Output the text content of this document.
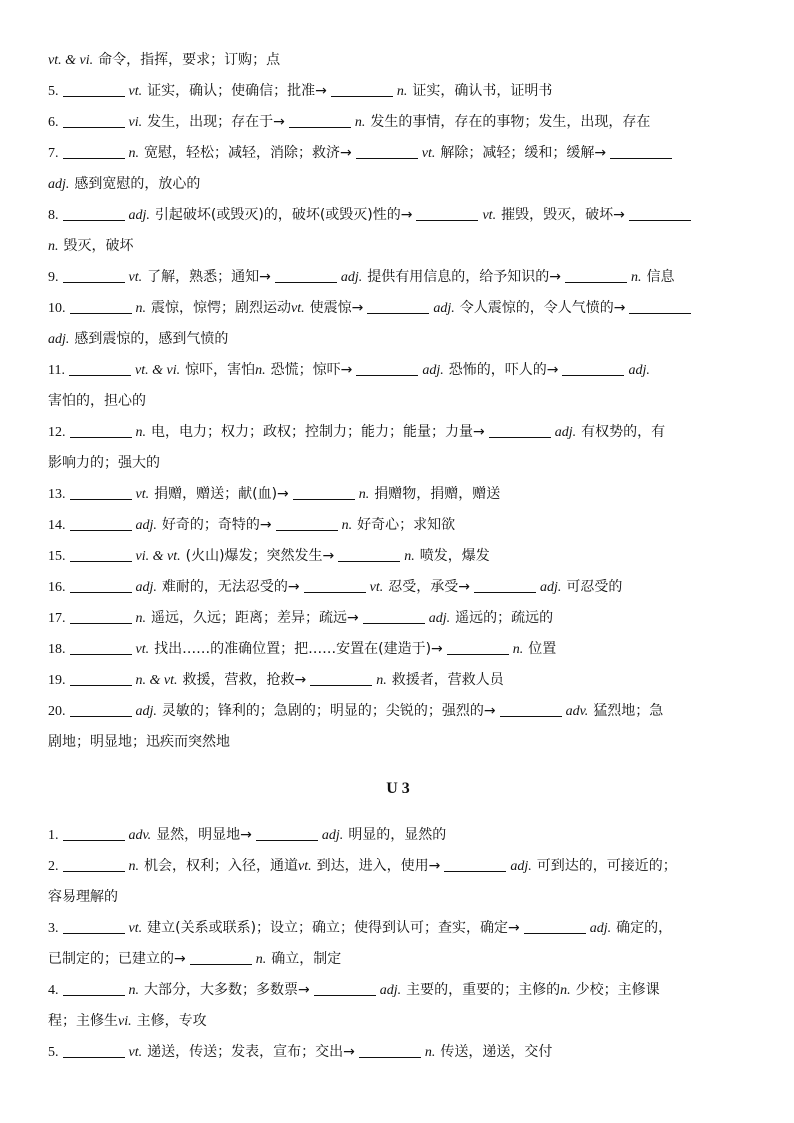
vt. & vi. 命令，指挥，要求；订购；点
5.	vt. 证实，确认；使确信；批准→	n. 证实，确认书，证明书
6.	vi. 发生，出现；存在于→	n. 发生的事情，存在的事物；发生，出现，存在
7.	n. 宽慰，轻松；减轻，消除；救济→	vt. 解除；减轻；缓和；缓解→
adj. 感到宽慰的，放心的
8.	adj. 引起破坏(或毁灭)的，破坏(或毁灭)性的→	vt. 摧毁，毁灭，破坏→
n. 毁灭，破坏
9.	vt. 了解，熟悉；通知→	adj. 提供有用信息的，给予知识的→	n. 信息
10.	n. 震惊，惊愕；剧烈运动vt. 使震惊→	adj. 令人震惊的，令人气愤的→
adj. 感到震惊的，感到气愤的
11.	vt. & vi. 惊吓，害怕n. 恐慌；惊吓→	adj. 恐怖的，吓人的→	adj.
害怕的，担心的
12.	n. 电，电力；权力；政权；控制力；能力；能量；力量→	adj. 有权势的，有
影响力的；强大的
13.	vt. 捐赠，赠送；献(血)→	n. 捐赠物，捐赠，赠送
14.	adj. 好奇的；奇特的→	n. 好奇心；求知欲
15.	vi. & vt. (火山)爆发；突然发生→	n. 喷发，爆发
16.	adj. 难耐的，无法忍受的→	vt. 忍受，承受→	adj. 可忍受的
17.	n. 遥远，久远；距离；差异；疏远→	adj. 遥远的；疏远的
18.	vt. 找出……的准确位置；把……安置在(建造于)→	n. 位置
19.	n. & vt. 救援，营救，抢救→	n. 救援者，营救人员
20.	adj. 灵敏的；锋利的；急剧的；明显的；尖锐的；强烈的→	adv. 猛烈地；急
剧地；明显地；迅疾而突然地
U 3
1.	adv. 显然，明显地→	adj. 明显的，显然的
2.	n. 机会，权利；入径，通道vt. 到达，进入，使用→	adj. 可到达的，可接近的；
容易理解的
3.	vt. 建立(关系或联系)；设立；确立；使得到认可；查实，确定→	adj. 确定的，
已制定的；已建立的→	n. 确立，制定
4.	n. 大部分，大多数；多数票→	adj. 主要的，重要的；主修的n. 少校；主修课
程；主修生vi. 主修，专攻
5.	vt. 递送，传送；发表，宣布；交出→	n. 传送，递送，交付
